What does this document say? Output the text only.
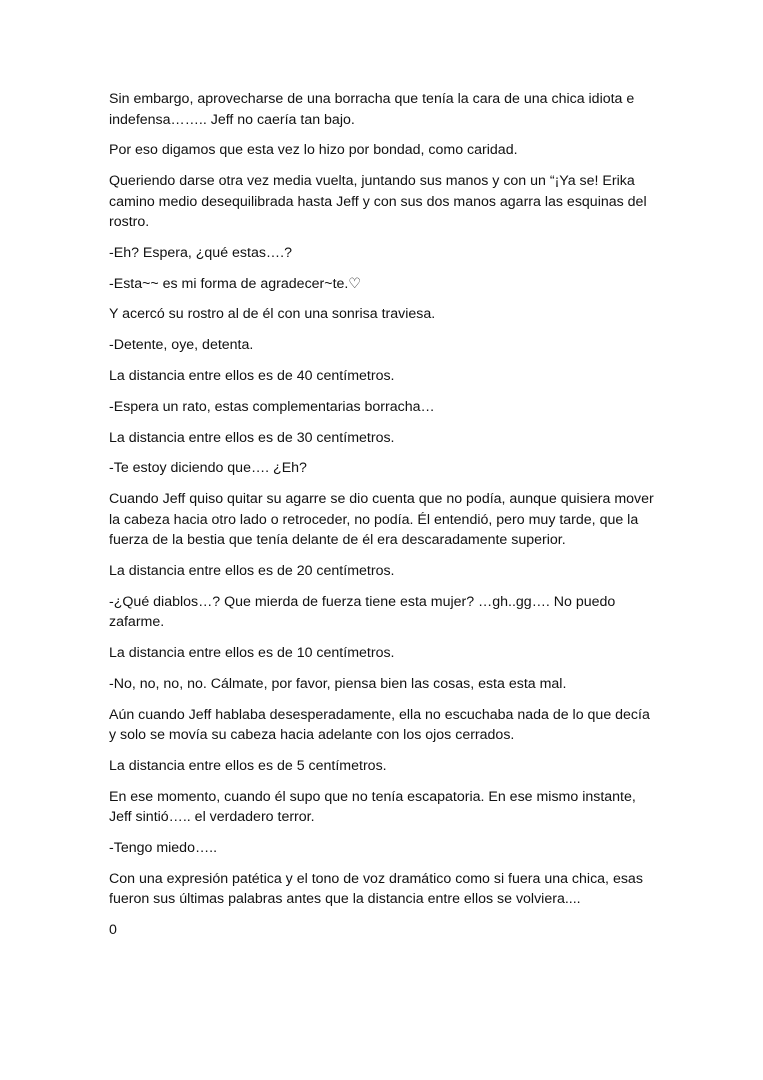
Sin embargo, aprovecharse de una borracha que tenía la cara de una chica idiota e indefensa…….. Jeff no caería tan bajo.

Por eso digamos que esta vez lo hizo por bondad, como caridad.

Queriendo darse otra vez media vuelta, juntando sus manos y con un “¡Ya se! Erika camino medio desequilibrada hasta Jeff y con sus dos manos agarra las esquinas del rostro.

-Eh? Espera, ¿qué estas….?

-Esta~~ es mi forma de agradecer~te.♡

Y acercó su rostro al de él con una sonrisa traviesa.

-Detente, oye, detenta.

La distancia entre ellos es de 40 centímetros.

-Espera un rato, estas complementarias borracha…

La distancia entre ellos es de 30 centímetros.

-Te estoy diciendo que…. ¿Eh?

Cuando Jeff quiso quitar su agarre se dio cuenta que no podía, aunque quisiera mover la cabeza hacia otro lado o retroceder, no podía. Él entendió, pero muy tarde, que la fuerza de la bestia que tenía delante de él era descaradamente superior.

La distancia entre ellos es de 20 centímetros.

-¿Qué diablos…? Que mierda de fuerza tiene esta mujer? …gh..gg…. No puedo zafarme.

La distancia entre ellos es de 10 centímetros.

-No, no, no, no. Cálmate, por favor, piensa bien las cosas, esta esta mal.

Aún cuando Jeff hablaba desesperadamente, ella no escuchaba nada de lo que decía y solo se movía su cabeza hacia adelante con los ojos cerrados.

La distancia entre ellos es de 5 centímetros.

En ese momento, cuando él supo que no tenía escapatoria. En ese mismo instante, Jeff sintió….. el verdadero terror.

-Tengo miedo…..

Con una expresión patética y el tono de voz dramático como si fuera una chica, esas fueron sus últimas palabras antes que la distancia entre ellos se volviera....

0
